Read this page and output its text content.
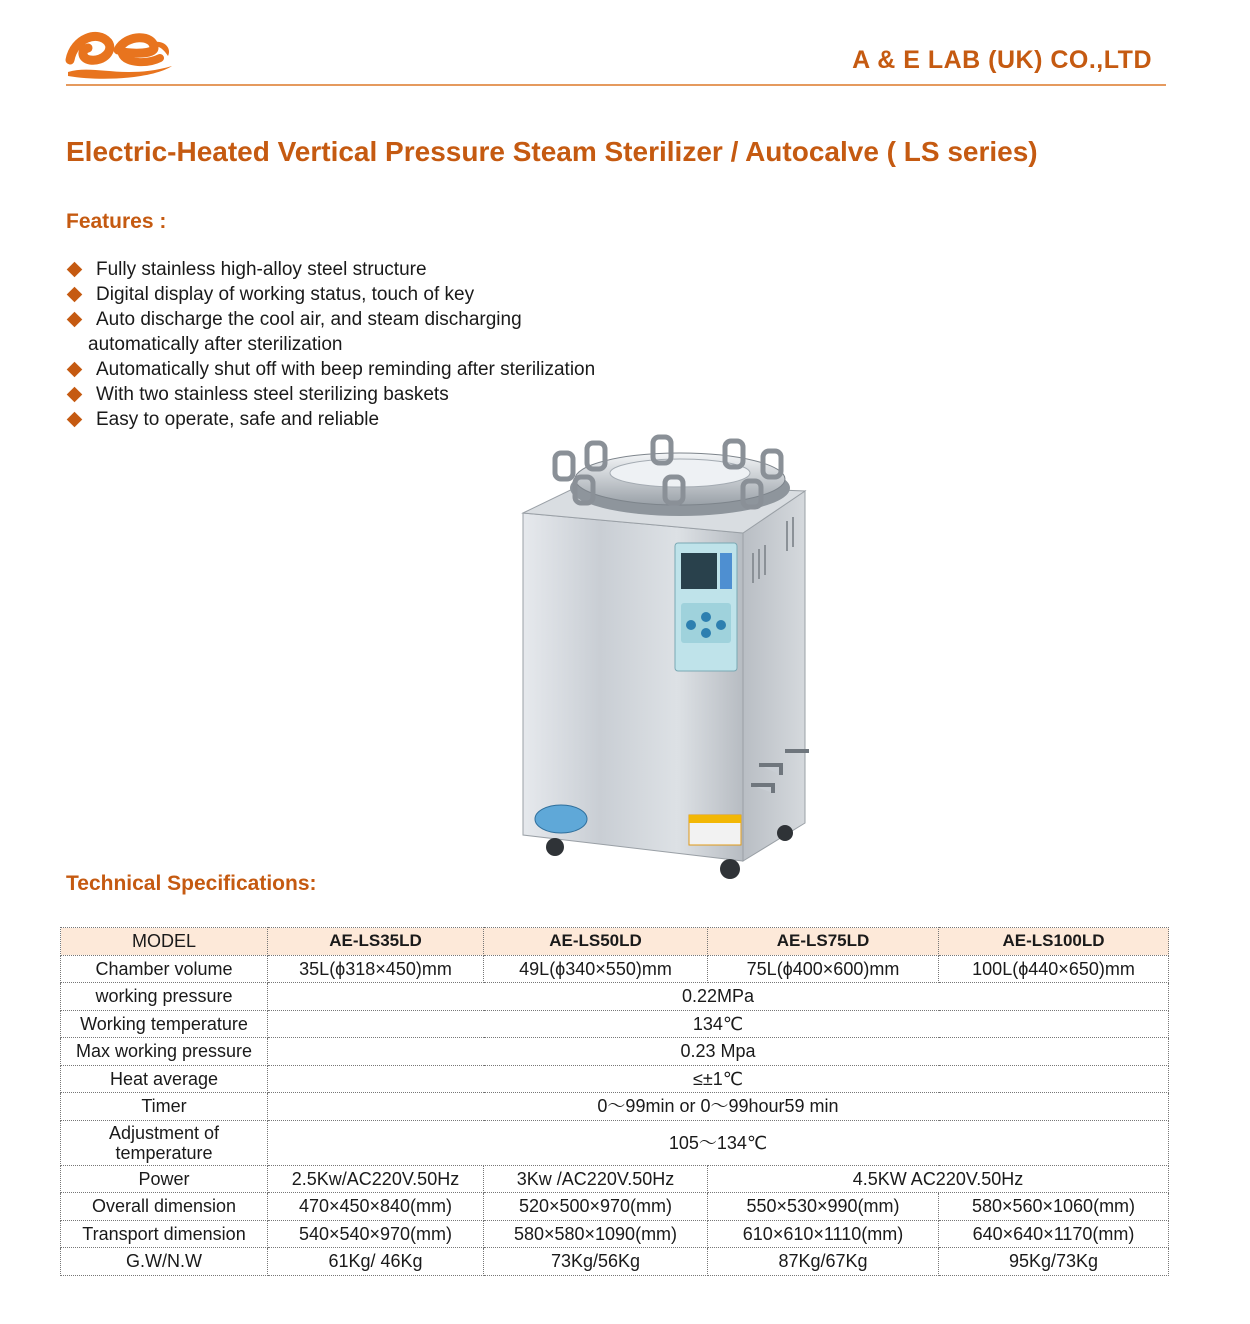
A & E LAB (UK) CO.,LTD
Electric-Heated Vertical Pressure Steam Sterilizer / Autocalve ( LS series)
Features :
Fully stainless high-alloy steel structure
Digital display of working status, touch of key
Auto discharge the cool air, and steam discharging
automatically after sterilization
Automatically shut off with beep reminding after sterilization
With two stainless steel sterilizing baskets
Easy to operate, safe and reliable
Technical Specifications:
MODEL	AE-LS35LD	AE-LS50LD	AE-LS75LD	AE-LS100LD
Chamber volume	35L(ϕ318×450)mm	49L(ϕ340×550)mm	75L(ϕ400×600)mm	100L(ϕ440×650)mm
working pressure	0.22MPa			
Working temperature	134℃			
Max working pressure	0.23 Mpa			
Heat average	≤±1℃			
Timer	0～99min or 0～99hour59 min			
Adjustment of temperature	105～134℃			
Power	2.5Kw/AC220V.50Hz	3Kw /AC220V.50Hz	4.5KW AC220V.50Hz	
Overall dimension	470×450×840(mm)	520×500×970(mm)	550×530×990(mm)	580×560×1060(mm)
Transport dimension	540×540×970(mm)	580×580×1090(mm)	610×610×1110(mm)	640×640×1170(mm)
G.W/N.W	61Kg/ 46Kg	73Kg/56Kg	87Kg/67Kg	95Kg/73Kg
